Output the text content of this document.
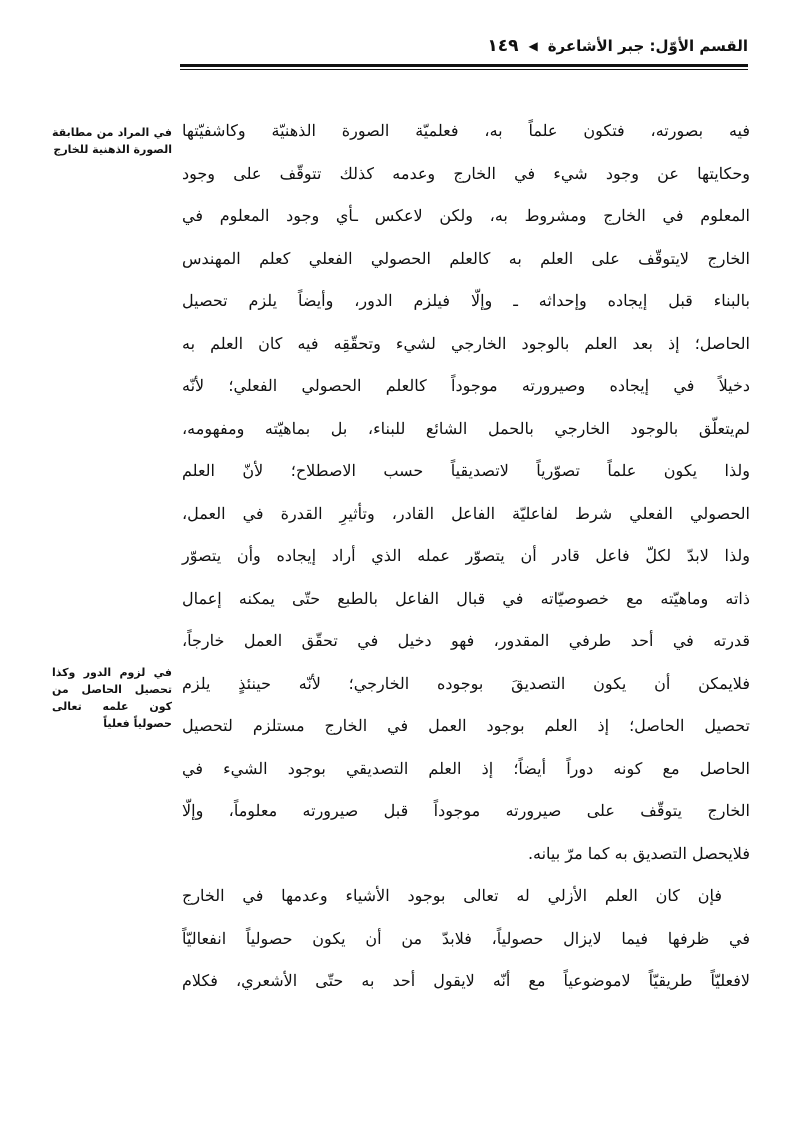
القسم الأوّل: جبر الأشاعرة
◀
١٤٩
في المراد من مطابقة الصورة الذهنية للخارج
في لزوم الدور وكذا تحصيل الحاصل من كون علمه تعالى حصولياً فعلياً

فيه بصورته، فتكون علماً به، فعلميّة الصورة الذهنيّة وكاشفيّتها

وحكايتها عن وجود شيء في الخارج وعدمه كذلك تتوقّف على وجود

المعلوم في الخارج ومشروط به، ولكن لاعكس ـأي وجود المعلوم في

الخارج لايتوقّف على العلم به كالعلم الحصولي الفعلي كعلم المهندس

بالبناء قبل إيجاده وإحداثه ـ وإلّا فيلزم الدور، وأيضاً يلزم تحصيل

الحاصل؛ إذ بعد العلم بالوجود الخارجي لشيء وتحقّقِه فيه كان العلم به

دخيلاً في إيجاده وصيرورته موجوداً كالعلم الحصولي الفعلي؛ لأنّه

لم‌يتعلّق بالوجود الخارجي بالحمل الشائع للبناء، بل بماهيّته ومفهومه،

ولذا يكون علماً تصوّرياً لاتصديقياً حسب الاصطلاح؛ لأنّ العلم

الحصولي الفعلي شرط لفاعليّة الفاعل القادر، وتأثيرِ القدرة في العمل،

ولذا لابدّ لكلّ فاعل قادر أن يتصوّر عمله الذي أراد إيجاده وأن يتصوّر

ذاته وماهيّته مع خصوصيّاته في قبال الفاعل بالطبع حتّى يمكنه إعمال

قدرته في أحد طرفي المقدور، فهو دخيل في تحقّق العمل خارجاً،

فلايمكن أن يكون التصديقَ بوجوده الخارجي؛ لأنّه حينئذٍ يلزم

تحصيل الحاصل؛ إذ العلم بوجود العمل في الخارج مستلزم لتحصيل

الحاصل مع كونه دوراً أيضاً؛ إذ العلم التصديقي بوجود الشيء في

الخارج يتوقّف على صيرورته موجوداً قبل صيرورته معلوماً، وإلّا

فلايحصل التصديق به كما مرّ بيانه.

فإن كان العلم الأزلي له تعالى بوجود الأشياء وعدمها في الخارج

في ظرفها فيما لايزال حصولياً، فلابدّ من أن يكون حصولياً انفعاليّاً

لافعليّاً طريقيّاً لاموضوعياً مع أنّه لايقول أحد به حتّى الأشعري، فكلام
